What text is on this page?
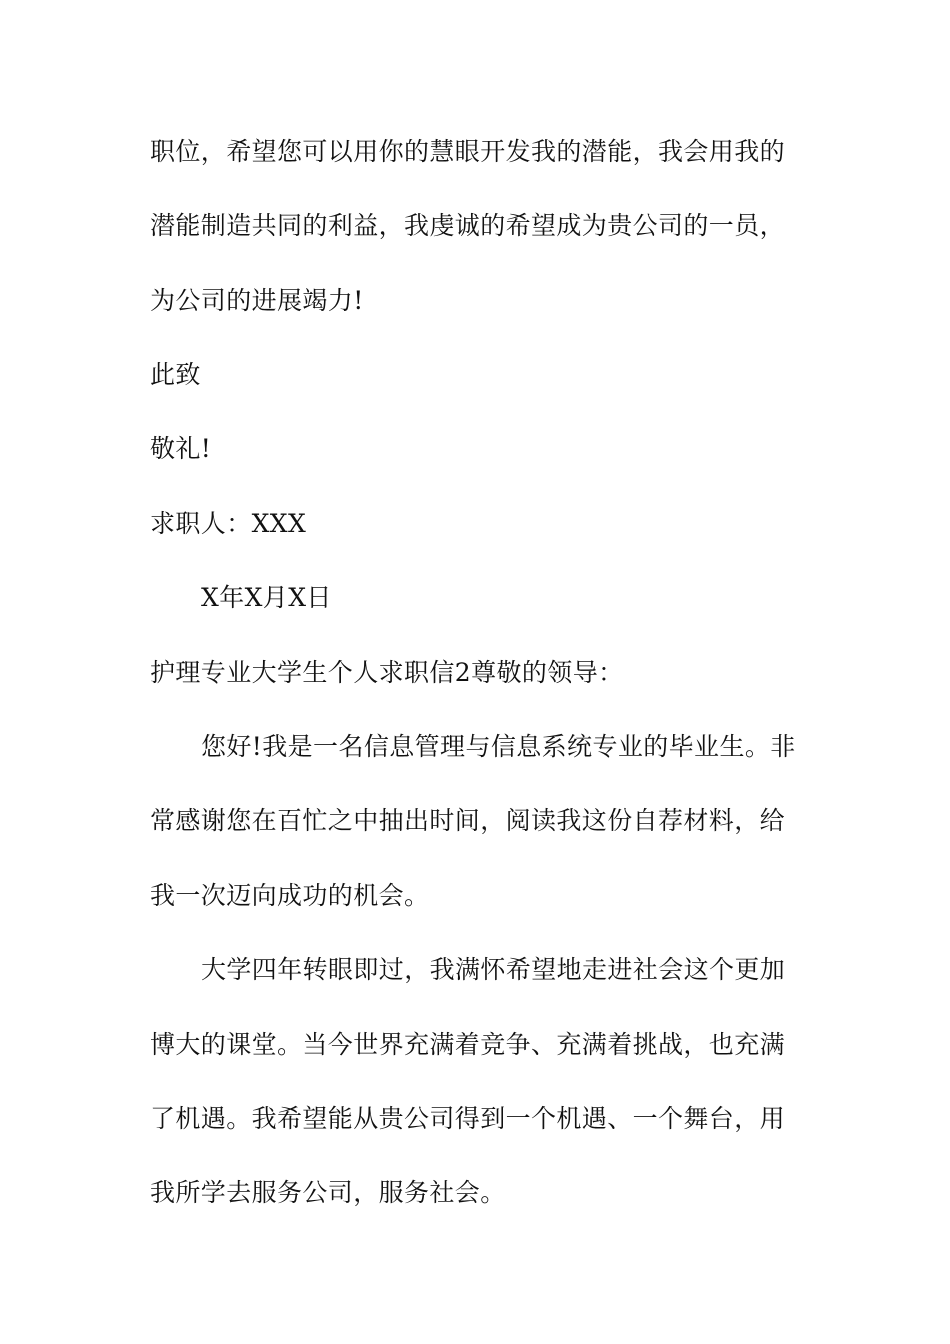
职位，希望您可以用你的慧眼开发我的潜能，我会用我的
潜能制造共同的利益，我虔诚的希望成为贵公司的一员，
为公司的进展竭力!
此致
敬礼!
求职人：XXX
X年X月X日
护理专业大学生个人求职信2尊敬的领导：
您好!我是一名信息管理与信息系统专业的毕业生。非
常感谢您在百忙之中抽出时间，阅读我这份自荐材料，给
我一次迈向成功的机会。
大学四年转眼即过，我满怀希望地走进社会这个更加
博大的课堂。当今世界充满着竞争、充满着挑战，也充满
了机遇。我希望能从贵公司得到一个机遇、一个舞台，用
我所学去服务公司，服务社会。
